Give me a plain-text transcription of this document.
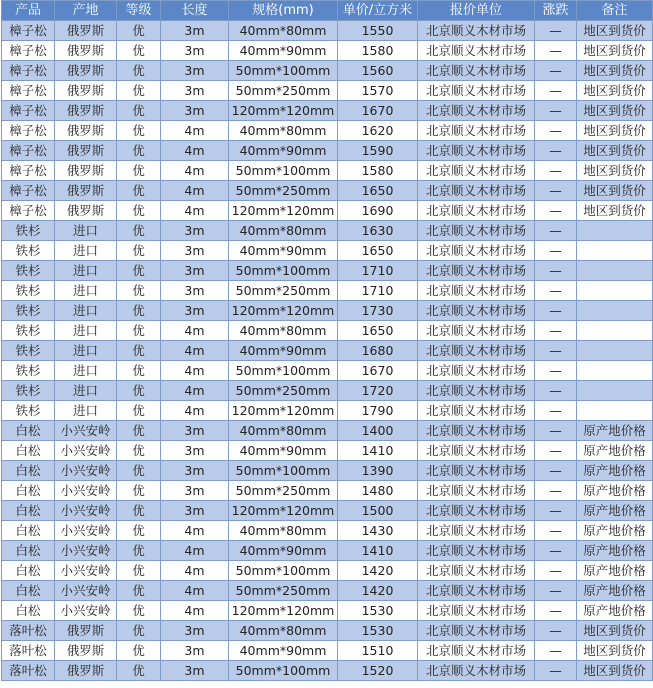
产品	产地	等级	长度	规格(mm)	单价/立方米	报价单位	涨跌	备注
樟子松	俄罗斯	优	3m	40mm*80mm	1550	北京顺义木材市场	—	地区到货价
樟子松	俄罗斯	优	3m	40mm*90mm	1580	北京顺义木材市场	—	地区到货价
樟子松	俄罗斯	优	3m	50mm*100mm	1560	北京顺义木材市场	—	地区到货价
樟子松	俄罗斯	优	3m	50mm*250mm	1570	北京顺义木材市场	—	地区到货价
樟子松	俄罗斯	优	3m	120mm*120mm	1670	北京顺义木材市场	—	地区到货价
樟子松	俄罗斯	优	4m	40mm*80mm	1620	北京顺义木材市场	—	地区到货价
樟子松	俄罗斯	优	4m	40mm*90mm	1590	北京顺义木材市场	—	地区到货价
樟子松	俄罗斯	优	4m	50mm*100mm	1580	北京顺义木材市场	—	地区到货价
樟子松	俄罗斯	优	4m	50mm*250mm	1650	北京顺义木材市场	—	地区到货价
樟子松	俄罗斯	优	4m	120mm*120mm	1690	北京顺义木材市场	—	地区到货价
铁杉	进口	优	3m	40mm*80mm	1630	北京顺义木材市场	—	
铁杉	进口	优	3m	40mm*90mm	1650	北京顺义木材市场	—	
铁杉	进口	优	3m	50mm*100mm	1710	北京顺义木材市场	—	
铁杉	进口	优	3m	50mm*250mm	1710	北京顺义木材市场	—	
铁杉	进口	优	3m	120mm*120mm	1730	北京顺义木材市场	—	
铁杉	进口	优	4m	40mm*80mm	1650	北京顺义木材市场	—	
铁杉	进口	优	4m	40mm*90mm	1680	北京顺义木材市场	—	
铁杉	进口	优	4m	50mm*100mm	1670	北京顺义木材市场	—	
铁杉	进口	优	4m	50mm*250mm	1720	北京顺义木材市场	—	
铁杉	进口	优	4m	120mm*120mm	1790	北京顺义木材市场	—	
白松	小兴安岭	优	3m	40mm*80mm	1400	北京顺义木材市场	—	原产地价格
白松	小兴安岭	优	3m	40mm*90mm	1410	北京顺义木材市场	—	原产地价格
白松	小兴安岭	优	3m	50mm*100mm	1390	北京顺义木材市场	—	原产地价格
白松	小兴安岭	优	3m	50mm*250mm	1480	北京顺义木材市场	—	原产地价格
白松	小兴安岭	优	3m	120mm*120mm	1500	北京顺义木材市场	—	原产地价格
白松	小兴安岭	优	4m	40mm*80mm	1430	北京顺义木材市场	—	原产地价格
白松	小兴安岭	优	4m	40mm*90mm	1410	北京顺义木材市场	—	原产地价格
白松	小兴安岭	优	4m	50mm*100mm	1420	北京顺义木材市场	—	原产地价格
白松	小兴安岭	优	4m	50mm*250mm	1420	北京顺义木材市场	—	原产地价格
白松	小兴安岭	优	4m	120mm*120mm	1530	北京顺义木材市场	—	原产地价格
落叶松	俄罗斯	优	3m	40mm*80mm	1530	北京顺义木材市场	—	地区到货价
落叶松	俄罗斯	优	3m	40mm*90mm	1510	北京顺义木材市场	—	地区到货价
落叶松	俄罗斯	优	3m	50mm*100mm	1520	北京顺义木材市场	—	地区到货价
